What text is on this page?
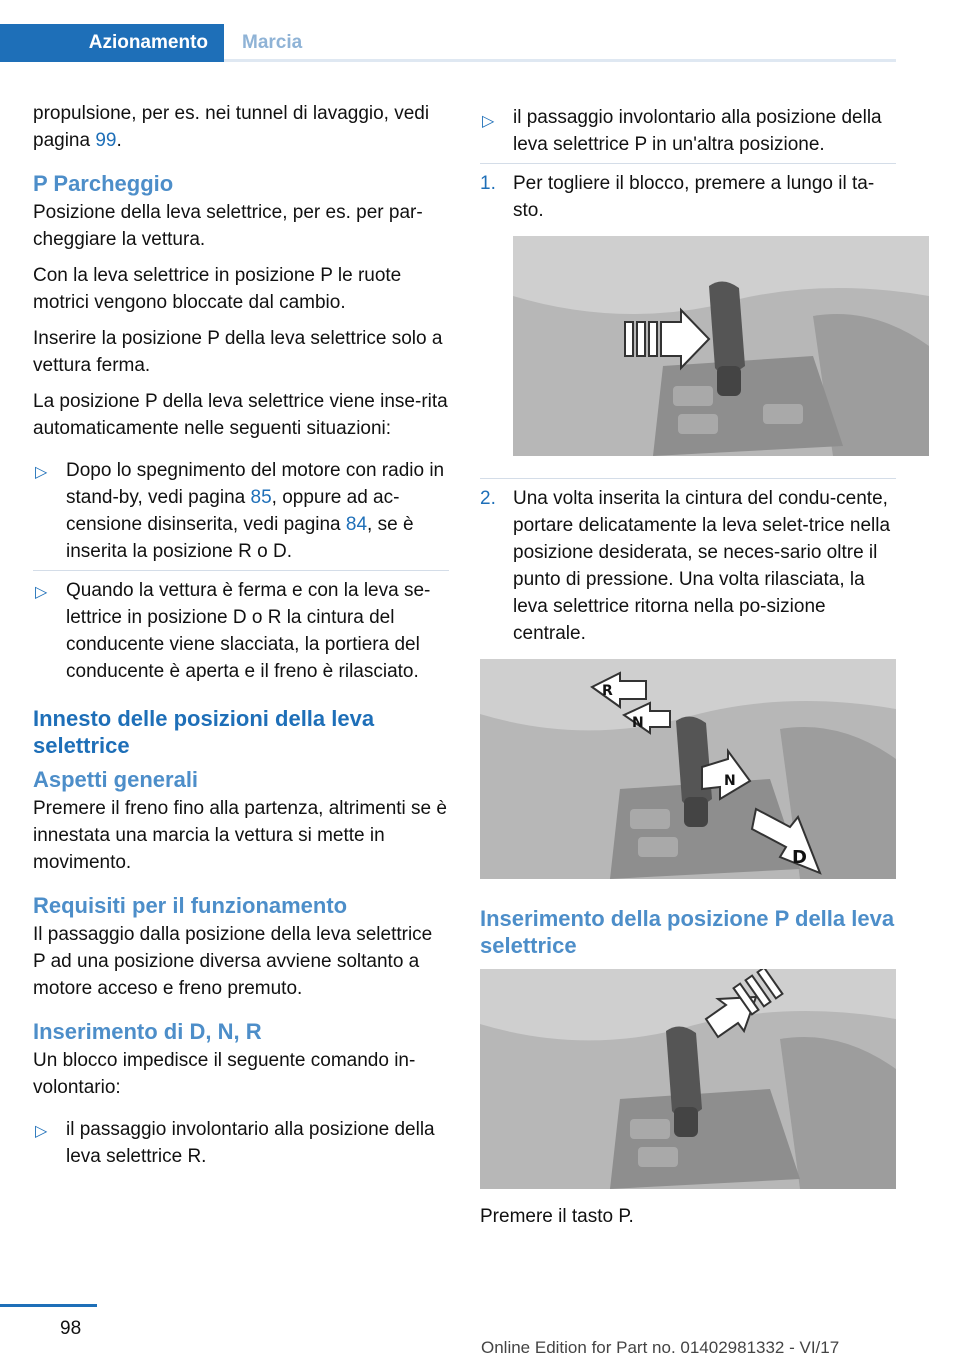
Azionamento	Marcia

propulsione, per es. nei tunnel di lavaggio, vedi pagina 99.

P Parcheggio

Posizione della leva selettrice, per es. per par-cheggiare la vettura.

Con la leva selettrice in posizione P le ruote motrici vengono bloccate dal cambio.

Inserire la posizione P della leva selettrice solo a vettura ferma.

La posizione P della leva selettrice viene inse-rita automaticamente nelle seguenti situazioni:

▷ Dopo lo spegnimento del motore con radio in stand-by, vedi pagina 85, oppure ad ac-censione disinserita, vedi pagina 84, se è inserita la posizione R o D.
▷ Quando la vettura è ferma e con la leva se-lettrice in posizione D o R la cintura del conducente viene slacciata, la portiera del conducente è aperta e il freno è rilasciato.
Innesto delle posizioni della leva selettrice
Aspetti generali

Premere il freno fino alla partenza, altrimenti se è innestata una marcia la vettura si mette in movimento.

Requisiti per il funzionamento

Il passaggio dalla posizione della leva selettrice P ad una posizione diversa avviene soltanto a motore acceso e freno premuto.

Inserimento di D, N, R

Un blocco impedisce il seguente comando in-volontario:

▷ il passaggio involontario alla posizione della leva selettrice R.
▷ il passaggio involontario alla posizione della leva selettrice P in un'altra posizione.
1. Per togliere il blocco, premere a lungo il ta-sto.
2. Una volta inserita la cintura del condu-cente, portare delicatamente la leva selet-trice nella posizione desiderata, se neces-sario oltre il punto di pressione. Una volta rilasciata, la leva selettrice ritorna nella po-sizione centrale.
R
N
N
D
Inserimento della posizione P della leva selettrice

Premere il tasto P.

98
Online Edition for Part no. 01402981332 - VI/17
